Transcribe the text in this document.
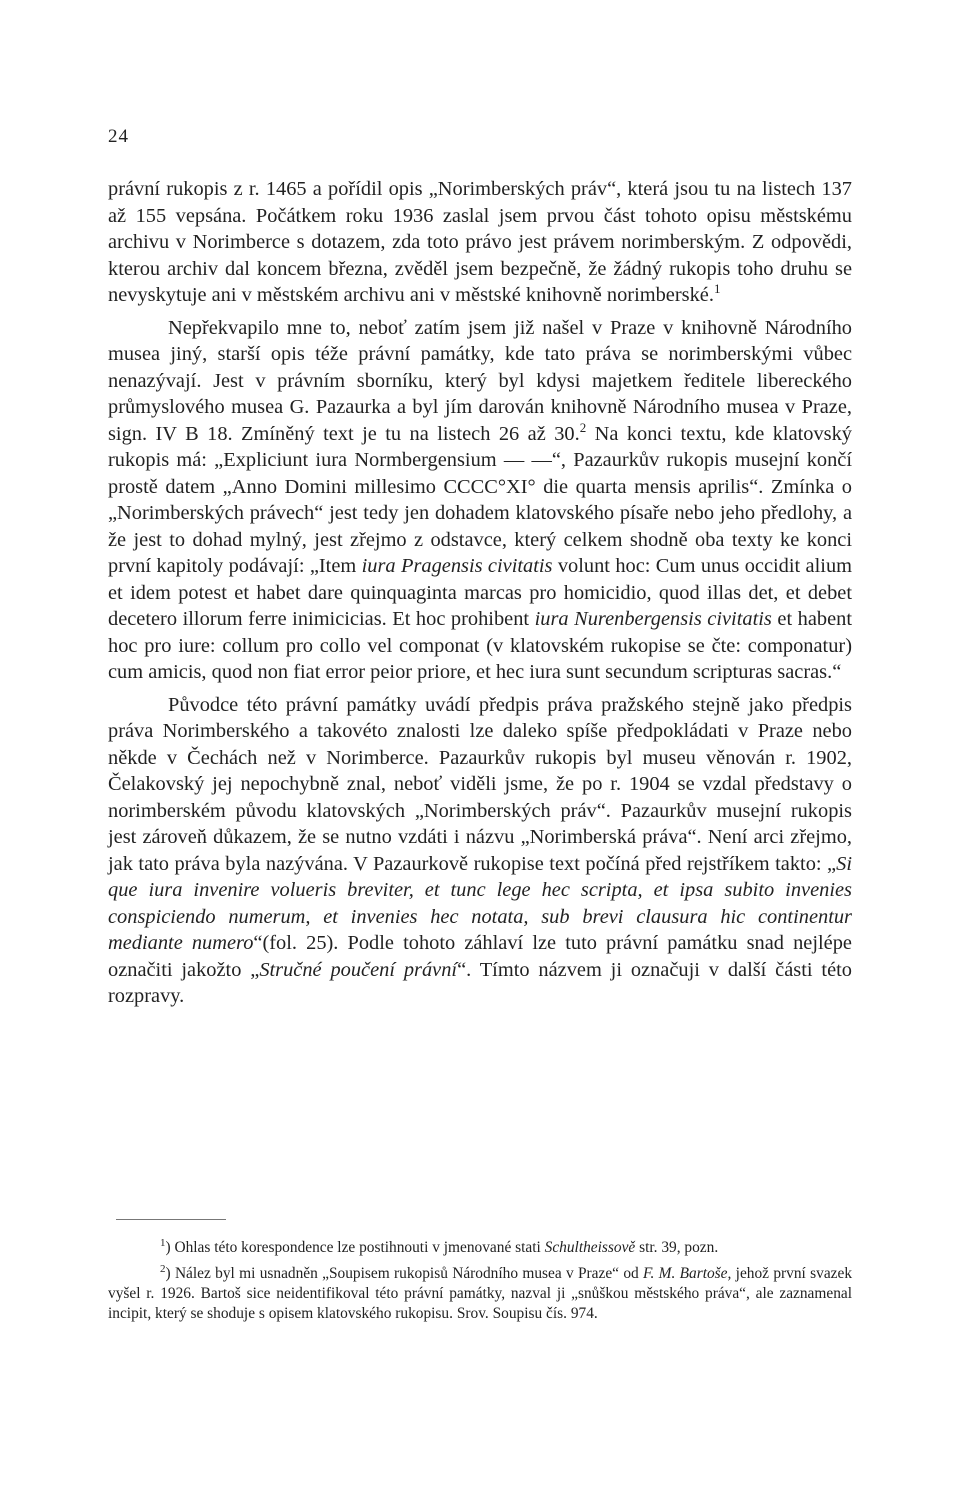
24

právní rukopis z r. 1465 a pořídil opis „Norimberských práv“, která jsou tu na listech 137 až 155 vepsána. Počátkem roku 1936 zaslal jsem prvou část tohoto opisu městskému archivu v Norimberce s dotazem, zda toto právo jest právem norimberským. Z odpovědi, kterou archiv dal koncem března, zvěděl jsem bezpečně, že žádný rukopis toho druhu se nevyskytuje ani v městském archivu ani v městské knihovně norimberské.$^1$

Nepřekvapilo mne to, neboť zatím jsem již našel v Praze v knihovně Národního musea jiný, starší opis téže právní památky, kde tato práva se norimberskými vůbec nenazývají. Jest v právním sborníku, který byl kdysi majetkem ředitele libereckého průmyslového musea G. Pazaurka a byl jím darován knihovně Národního musea v Praze, sign. IV B 18. Zmíněný text je tu na listech 26 až 30.$^2$ Na konci textu, kde klatovský rukopis má: „Expliciunt iura Normbergensium — —“, Pazaurkův rukopis musejní končí prostě datem „Anno Domini millesimo CCCC°XI° die quarta mensis aprilis“. Zmínka o „Norimberských právech“ jest tedy jen dohadem klatovského písaře nebo jeho předlohy, a že jest to dohad mylný, jest zřejmo z odstavce, který celkem shodně oba texty ke konci první kapitoly podávají: „Item iura Pragensis civitatis volunt hoc: Cum unus occidit alium et idem potest et habet dare quinquaginta marcas pro homicidio, quod illas det, et debet decetero illorum ferre inimicicias. Et hoc prohibent iura Nurenbergensis civitatis et habent hoc pro iure: collum pro collo vel componat (v klatovském rukopise se čte: componatur) cum amicis, quod non fiat error peior priore, et hec iura sunt secundum scripturas sacras.“

Původce této právní památky uvádí předpis práva pražského stejně jako předpis práva Norimberského a takovéto znalosti lze daleko spíše předpokládati v Praze nebo někde v Čechách než v Norimberce. Pazaurkův rukopis byl museu věnován r. 1902, Čelakovský jej nepochybně znal, neboť viděli jsme, že po r. 1904 se vzdal představy o norimberském původu klatovských „Norimberských práv“. Pazaurkův musejní rukopis jest zároveň důkazem, že se nutno vzdáti i názvu „Norimberská práva“. Není arci zřejmo, jak tato práva byla nazývána. V Pazaurkově rukopise text počíná před rejstříkem takto: „Si que iura invenire volueris breviter, et tunc lege hec scripta, et ipsa subito invenies conspiciendo numerum, et invenies hec notata, sub brevi clausura hic continentur mediante numero“(fol. 25). Podle tohoto záhlaví lze tuto právní památku snad nejlépe označiti jakožto „Stručné poučení právní“. Tímto názvem ji označuji v další části této rozpravy.

$^1$) Ohlas této korespondence lze postihnouti v jmenované stati Schultheissově str. 39, pozn.

$^2$) Nález byl mi usnadněn „Soupisem rukopisů Národního musea v Praze“ od F. M. Bartoše, jehož první svazek vyšel r. 1926. Bartoš sice neidentifikoval této právní památky, nazval ji „snůškou městského práva“, ale zaznamenal incipit, který se shoduje s opisem klatovského rukopisu. Srov. Soupisu čís. 974.
